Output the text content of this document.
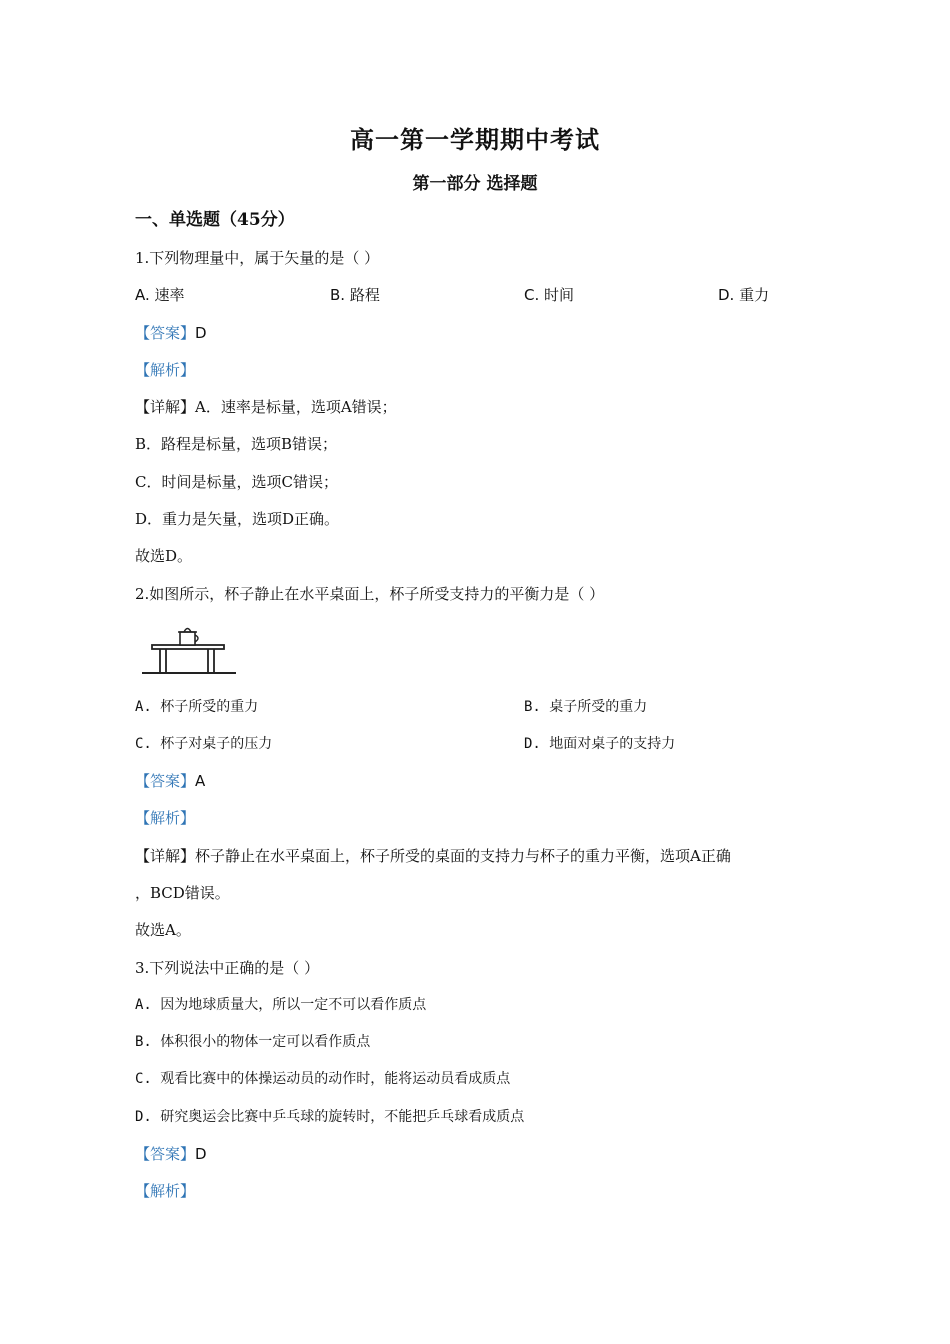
高一第一学期期中考试
第一部分 选择题
一、单选题（45分）
1.下列物理量中，属于矢量的是（ ）
A. 速率	B. 路程	C. 时间	D. 重力
【答案】D
【解析】
【详解】A．速率是标量，选项A错误；
B．路程是标量，选项B错误；
C．时间是标量，选项C错误；
D．重力是矢量，选项D正确。
故选D。
2.如图所示，杯子静止在水平桌面上，杯子所受支持力的平衡力是（ ）
A. 杯子所受的重力	B. 桌子所受的重力
C. 杯子对桌子的压力	D. 地面对桌子的支持力
【答案】A
【解析】
【详解】杯子静止在水平桌面上，杯子所受的桌面的支持力与杯子的重力平衡，选项A正确
，BCD错误。
故选A。
3.下列说法中正确的是（ ）
A. 因为地球质量大，所以一定不可以看作质点
B. 体积很小的物体一定可以看作质点
C. 观看比赛中的体操运动员的动作时，能将运动员看成质点
D. 研究奥运会比赛中乒乓球的旋转时，不能把乒乓球看成质点
【答案】D
【解析】
